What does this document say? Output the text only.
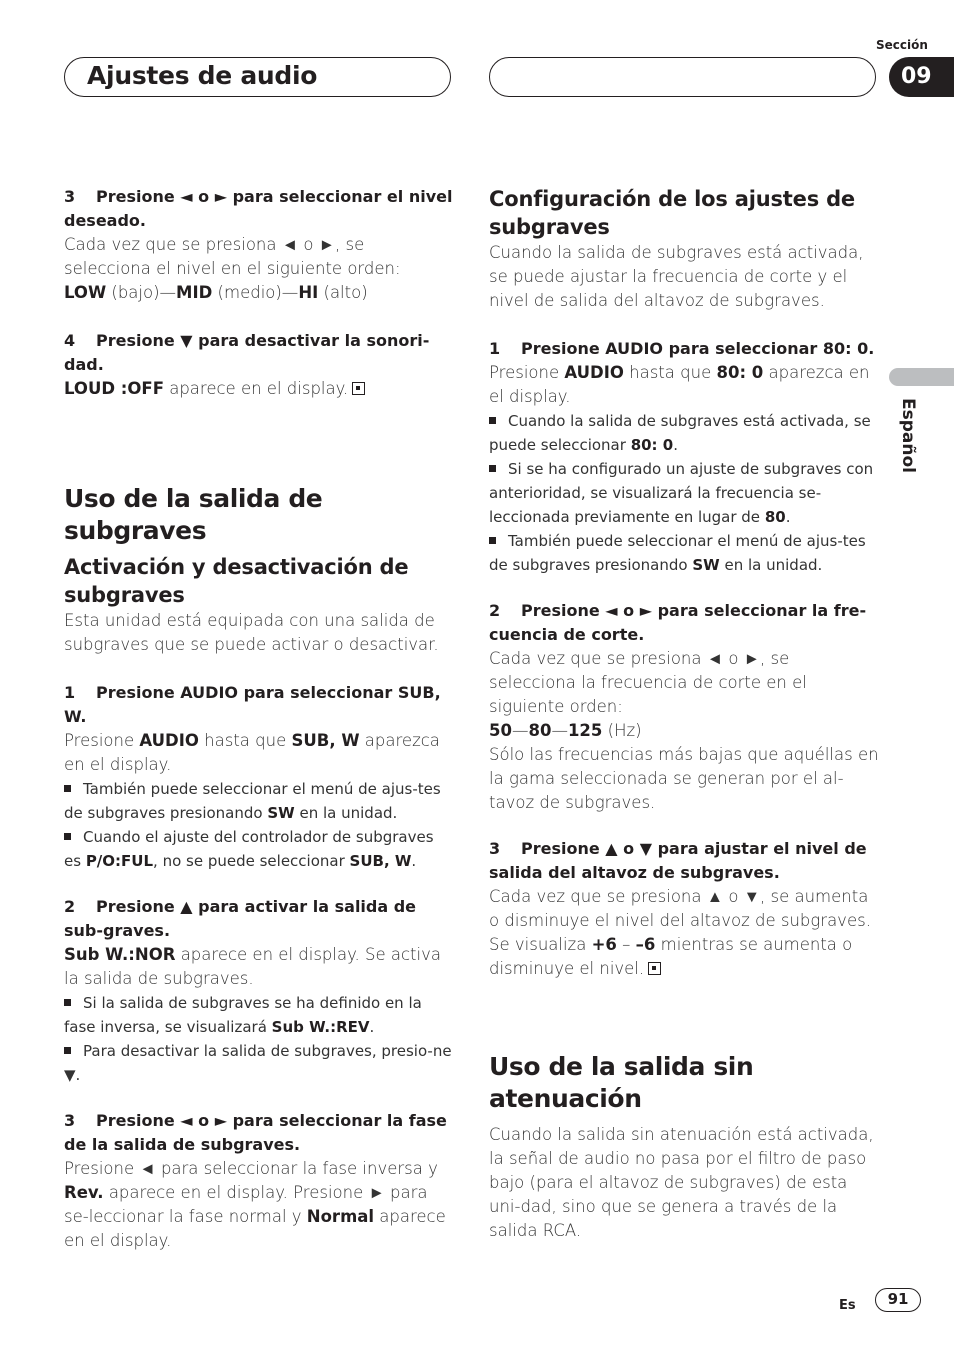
Ajustes de audio
Sección
09
Español
3 Presione ◄ o ► para seleccionar el nivel deseado.
Cada vez que se presiona ◄ o ►, se selecciona el nivel en el siguiente orden:
LOW (bajo)—MID (medio)—HI (alto)
4 Presione ▼ para desactivar la sonori-dad.
LOUD :OFF aparece en el display.
Uso de la salida de subgraves
Activación y desactivación de subgraves
Esta unidad está equipada con una salida de subgraves que se puede activar o desactivar.
1 Presione AUDIO para seleccionar SUB, W.
Presione AUDIO hasta que SUB, W aparezca en el display.
También puede seleccionar el menú de ajus-tes de subgraves presionando SW en la unidad.
Cuando el ajuste del controlador de subgraves es P/O:FUL, no se puede seleccionar SUB, W.
2 Presione ▲ para activar la salida de sub-graves.
Sub W.:NOR aparece en el display. Se activa la salida de subgraves.
Si la salida de subgraves se ha definido en la fase inversa, se visualizará Sub W.:REV.
Para desactivar la salida de subgraves, presio-ne ▼.
3 Presione ◄ o ► para seleccionar la fase de la salida de subgraves.
Presione ◄ para seleccionar la fase inversa y Rev. aparece en el display. Presione ► para se-leccionar la fase normal y Normal aparece en el display.
Configuración de los ajustes de subgraves
Cuando la salida de subgraves está activada, se puede ajustar la frecuencia de corte y el nivel de salida del altavoz de subgraves.
1 Presione AUDIO para seleccionar 80: 0.
Presione AUDIO hasta que 80: 0 aparezca en el display.
Cuando la salida de subgraves está activada, se puede seleccionar 80: 0.
Si se ha configurado un ajuste de subgraves con anterioridad, se visualizará la frecuencia se-leccionada previamente en lugar de 80.
También puede seleccionar el menú de ajus-tes de subgraves presionando SW en la unidad.
2 Presione ◄ o ► para seleccionar la fre-cuencia de corte.
Cada vez que se presiona ◄ o ►, se selecciona la frecuencia de corte en el siguiente orden:
50—80—125 (Hz)
Sólo las frecuencias más bajas que aquéllas en la gama seleccionada se generan por el al-tavoz de subgraves.
3 Presione ▲ o ▼ para ajustar el nivel de salida del altavoz de subgraves.
Cada vez que se presiona ▲ o ▼, se aumenta o disminuye el nivel del altavoz de subgraves. Se visualiza +6 – –6 mientras se aumenta o disminuye el nivel.
Uso de la salida sin atenuación
Cuando la salida sin atenuación está activada, la señal de audio no pasa por el filtro de paso bajo (para el altavoz de subgraves) de esta uni-dad, sino que se genera a través de la salida RCA.
Es	91
